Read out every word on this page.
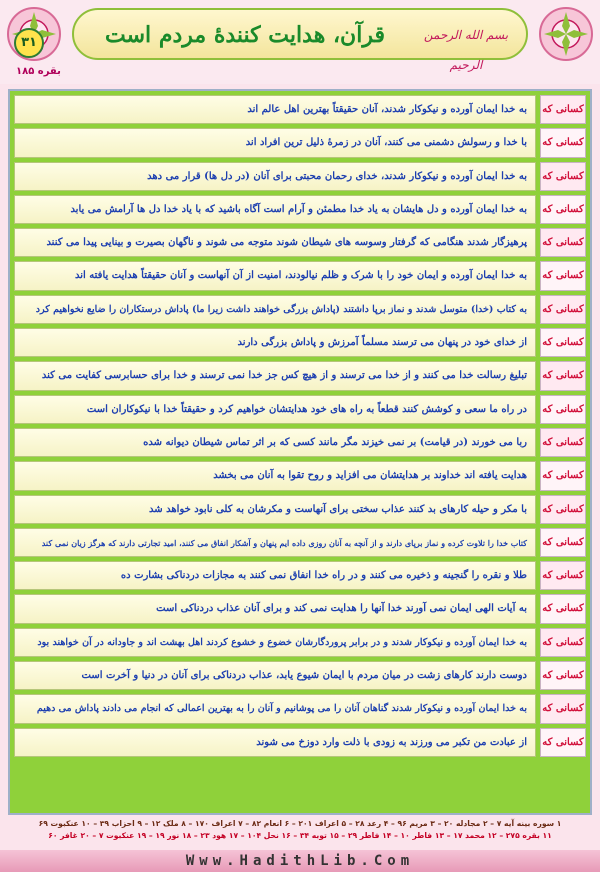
قرآن، هدایت کنندهٔ مردم است	بسم الله الرحمن الرحیم
۳۱
بقره ۱۸۵
کسانی که
به خدا ایمان آورده و نیکوکار شدند، آنان حقیقتاً بهترین اهل عالم اند
کسانی که
با خدا و رسولش دشمنی می کنند، آنان در زمرهٔ ذلیل ترین افراد اند
کسانی که
به خدا ایمان آورده و نیکوکار شدند، خدای رحمان محبتی برای آنان (در دل ها) قرار می دهد
کسانی که
به خدا ایمان آورده و دل هایشان به یاد خدا مطمئن و آرام است آگاه باشید که با یاد خدا دل ها آرامش می یابد
کسانی که
پرهیزگار شدند هنگامی که گرفتار وسوسه های شیطان شوند متوجه می شوند و ناگهان بصیرت و بینایی پیدا می کنند
کسانی که
به خدا ایمان آورده و ایمان خود را با شرک و ظلم نیالودند، امنیت از آن آنهاست و آنان حقیقتاً هدایت یافته اند
کسانی که
به کتاب (خدا) متوسل شدند و نماز برپا داشتند (پاداش بزرگی خواهند داشت زیرا ما) پاداش درستکاران را ضایع نخواهیم کرد
کسانی که
از خدای خود در پنهان می ترسند مسلماً آمرزش و پاداش بزرگی دارند
کسانی که
تبلیغ رسالت خدا می کنند و از خدا می ترسند و از هیچ کس جز خدا نمی ترسند و خدا برای حسابرسی کفایت می کند
کسانی که
در راه ما سعی و کوشش کنند قطعاً به راه های خود هدایتشان خواهیم کرد و حقیقتاً خدا با نیکوکاران است
کسانی که
ربا می خورند (در قیامت) بر نمی خیزند مگر مانند کسی که بر اثر تماس شیطان دیوانه شده
کسانی که
هدایت یافته اند خداوند بر هدایتشان می افزاید و روح تقوا به آنان می بخشد
کسانی که
با مکر و حیله کارهای بد کنند عذاب سختی برای آنهاست و مکرشان به کلی نابود خواهد شد
کسانی که
کتاب خدا را تلاوت کرده و نماز برپای دارند و از آنچه به آنان روزی داده ایم پنهان و آشکار انفاق می کنند، امید تجارتی دارند که هرگز زیان نمی کند
کسانی که
طلا و نقره را گنجینه و ذخیره می کنند و در راه خدا انفاق نمی کنند به مجازات دردناکی بشارت ده
کسانی که
به آیات الهی ایمان نمی آورند خدا آنها را هدایت نمی کند و برای آنان عذاب دردناکی است
کسانی که
به خدا ایمان آورده و نیکوکار شدند و در برابر پروردگارشان خضوع و خشوع کردند اهل بهشت اند و جاودانه در آن خواهند بود
کسانی که
دوست دارند کارهای زشت در میان مردم با ایمان شیوع یابد، عذاب دردناکی برای آنان در دنیا و آخرت است
کسانی که
به خدا ایمان آورده و نیکوکار شدند گناهان آنان را می پوشانیم و آنان را به بهترین اعمالی که انجام می دادند پاداش می دهیم
کسانی که
از عبادت من تکبر می ورزند به زودی با ذلت وارد دوزخ می شوند
۱ سوره بینه آیه ۷ – ۲ مجادله ۲۰ – ۳ مریم ۹۶ – ۴ رعد ۲۸ – ۵ اعراف ۲۰۱ – ۶ انعام ۸۲ – ۷ اعراف ۱۷۰ – ۸ ملک ۱۲ – ۹ احزاب ۳۹ – ۱۰ عنکبوت ۶۹
۱۱ بقره ۲۷۵ – ۱۲ محمد ۱۷ – ۱۳ فاطر ۱۰ – ۱۴ فاطر ۲۹ – ۱۵ توبه ۳۴ – ۱۶ نحل ۱۰۴ – ۱۷ هود ۲۳ – ۱۸ نور ۱۹ – ۱۹ عنکبوت ۷ – ۲۰ غافر ۶۰
Www.HadithLib.Com
